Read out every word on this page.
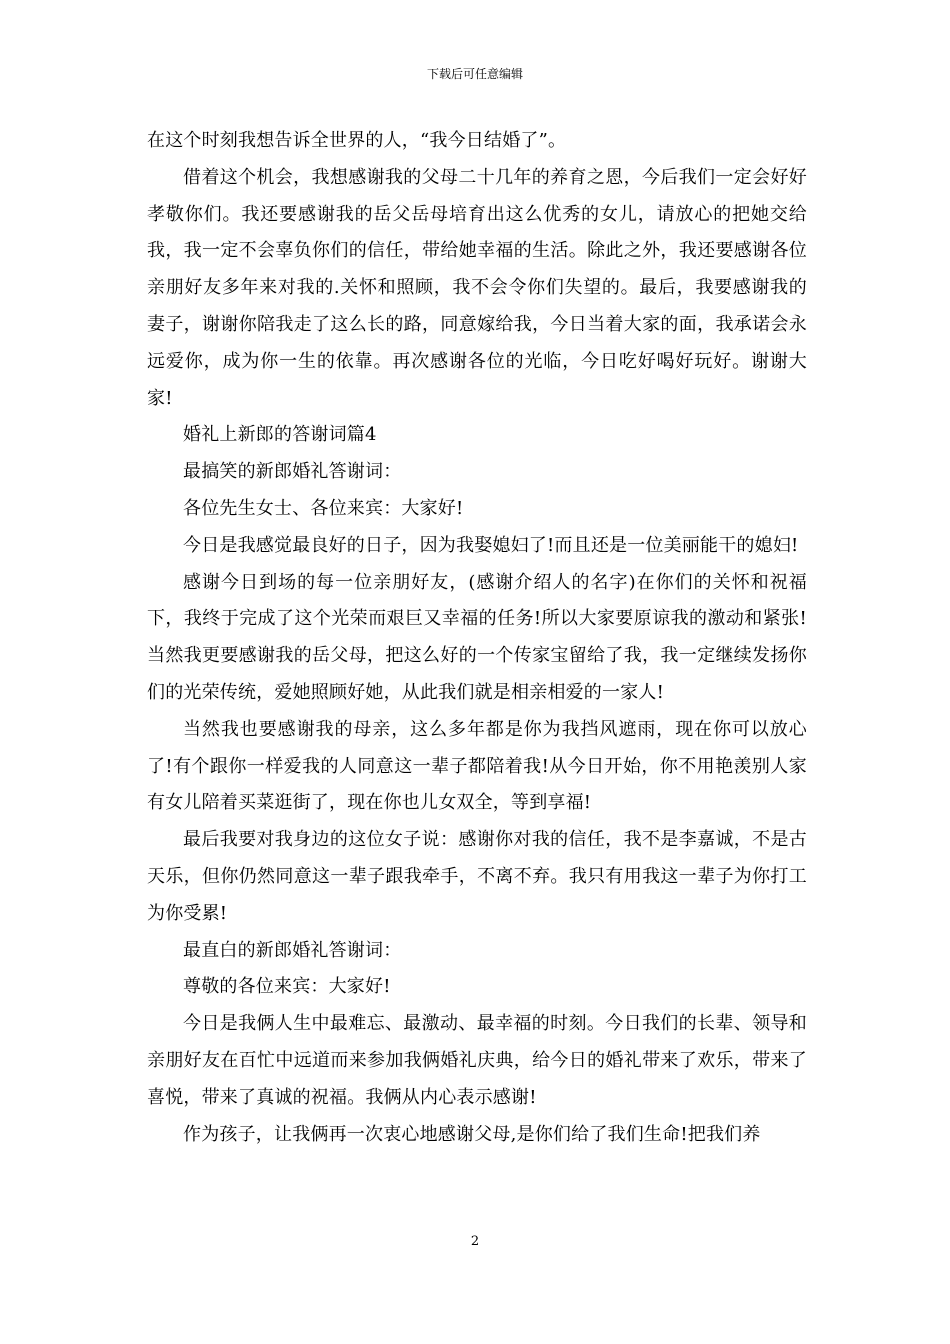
下载后可任意编辑

在这个时刻我想告诉全世界的人，“我今日结婚了”。

借着这个机会，我想感谢我的父母二十几年的养育之恩，今后我们一定会好好孝敬你们。我还要感谢我的岳父岳母培育出这么优秀的女儿，请放心的把她交给我，我一定不会辜负你们的信任，带给她幸福的生活。除此之外，我还要感谢各位亲朋好友多年来对我的.关怀和照顾，我不会令你们失望的。最后，我要感谢我的妻子，谢谢你陪我走了这么长的路，同意嫁给我，今日当着大家的面，我承诺会永远爱你，成为你一生的依靠。再次感谢各位的光临，今日吃好喝好玩好。谢谢大家!

婚礼上新郎的答谢词篇4

最搞笑的新郎婚礼答谢词：

各位先生女士、各位来宾：大家好!

今日是我感觉最良好的日子，因为我娶媳妇了!而且还是一位美丽能干的媳妇!

感谢今日到场的每一位亲朋好友，(感谢介绍人的名字)在你们的关怀和祝福下，我终于完成了这个光荣而艰巨又幸福的任务!所以大家要原谅我的激动和紧张!当然我更要感谢我的岳父母，把这么好的一个传家宝留给了我，我一定继续发扬你们的光荣传统，爱她照顾好她，从此我们就是相亲相爱的一家人!

当然我也要感谢我的母亲，这么多年都是你为我挡风遮雨，现在你可以放心了!有个跟你一样爱我的人同意这一辈子都陪着我!从今日开始，你不用艳羡别人家有女儿陪着买菜逛街了，现在你也儿女双全，等到享福!

最后我要对我身边的这位女子说：感谢你对我的信任，我不是李嘉诚，不是古天乐，但你仍然同意这一辈子跟我牵手，不离不弃。我只有用我这一辈子为你打工为你受累!

最直白的新郎婚礼答谢词：

尊敬的各位来宾：大家好!

今日是我俩人生中最难忘、最激动、最幸福的时刻。今日我们的长辈、领导和亲朋好友在百忙中远道而来参加我俩婚礼庆典，给今日的婚礼带来了欢乐，带来了喜悦，带来了真诚的祝福。我俩从内心表示感谢!

作为孩子，让我俩再一次衷心地感谢父母,是你们给了我们生命!把我们养

2
